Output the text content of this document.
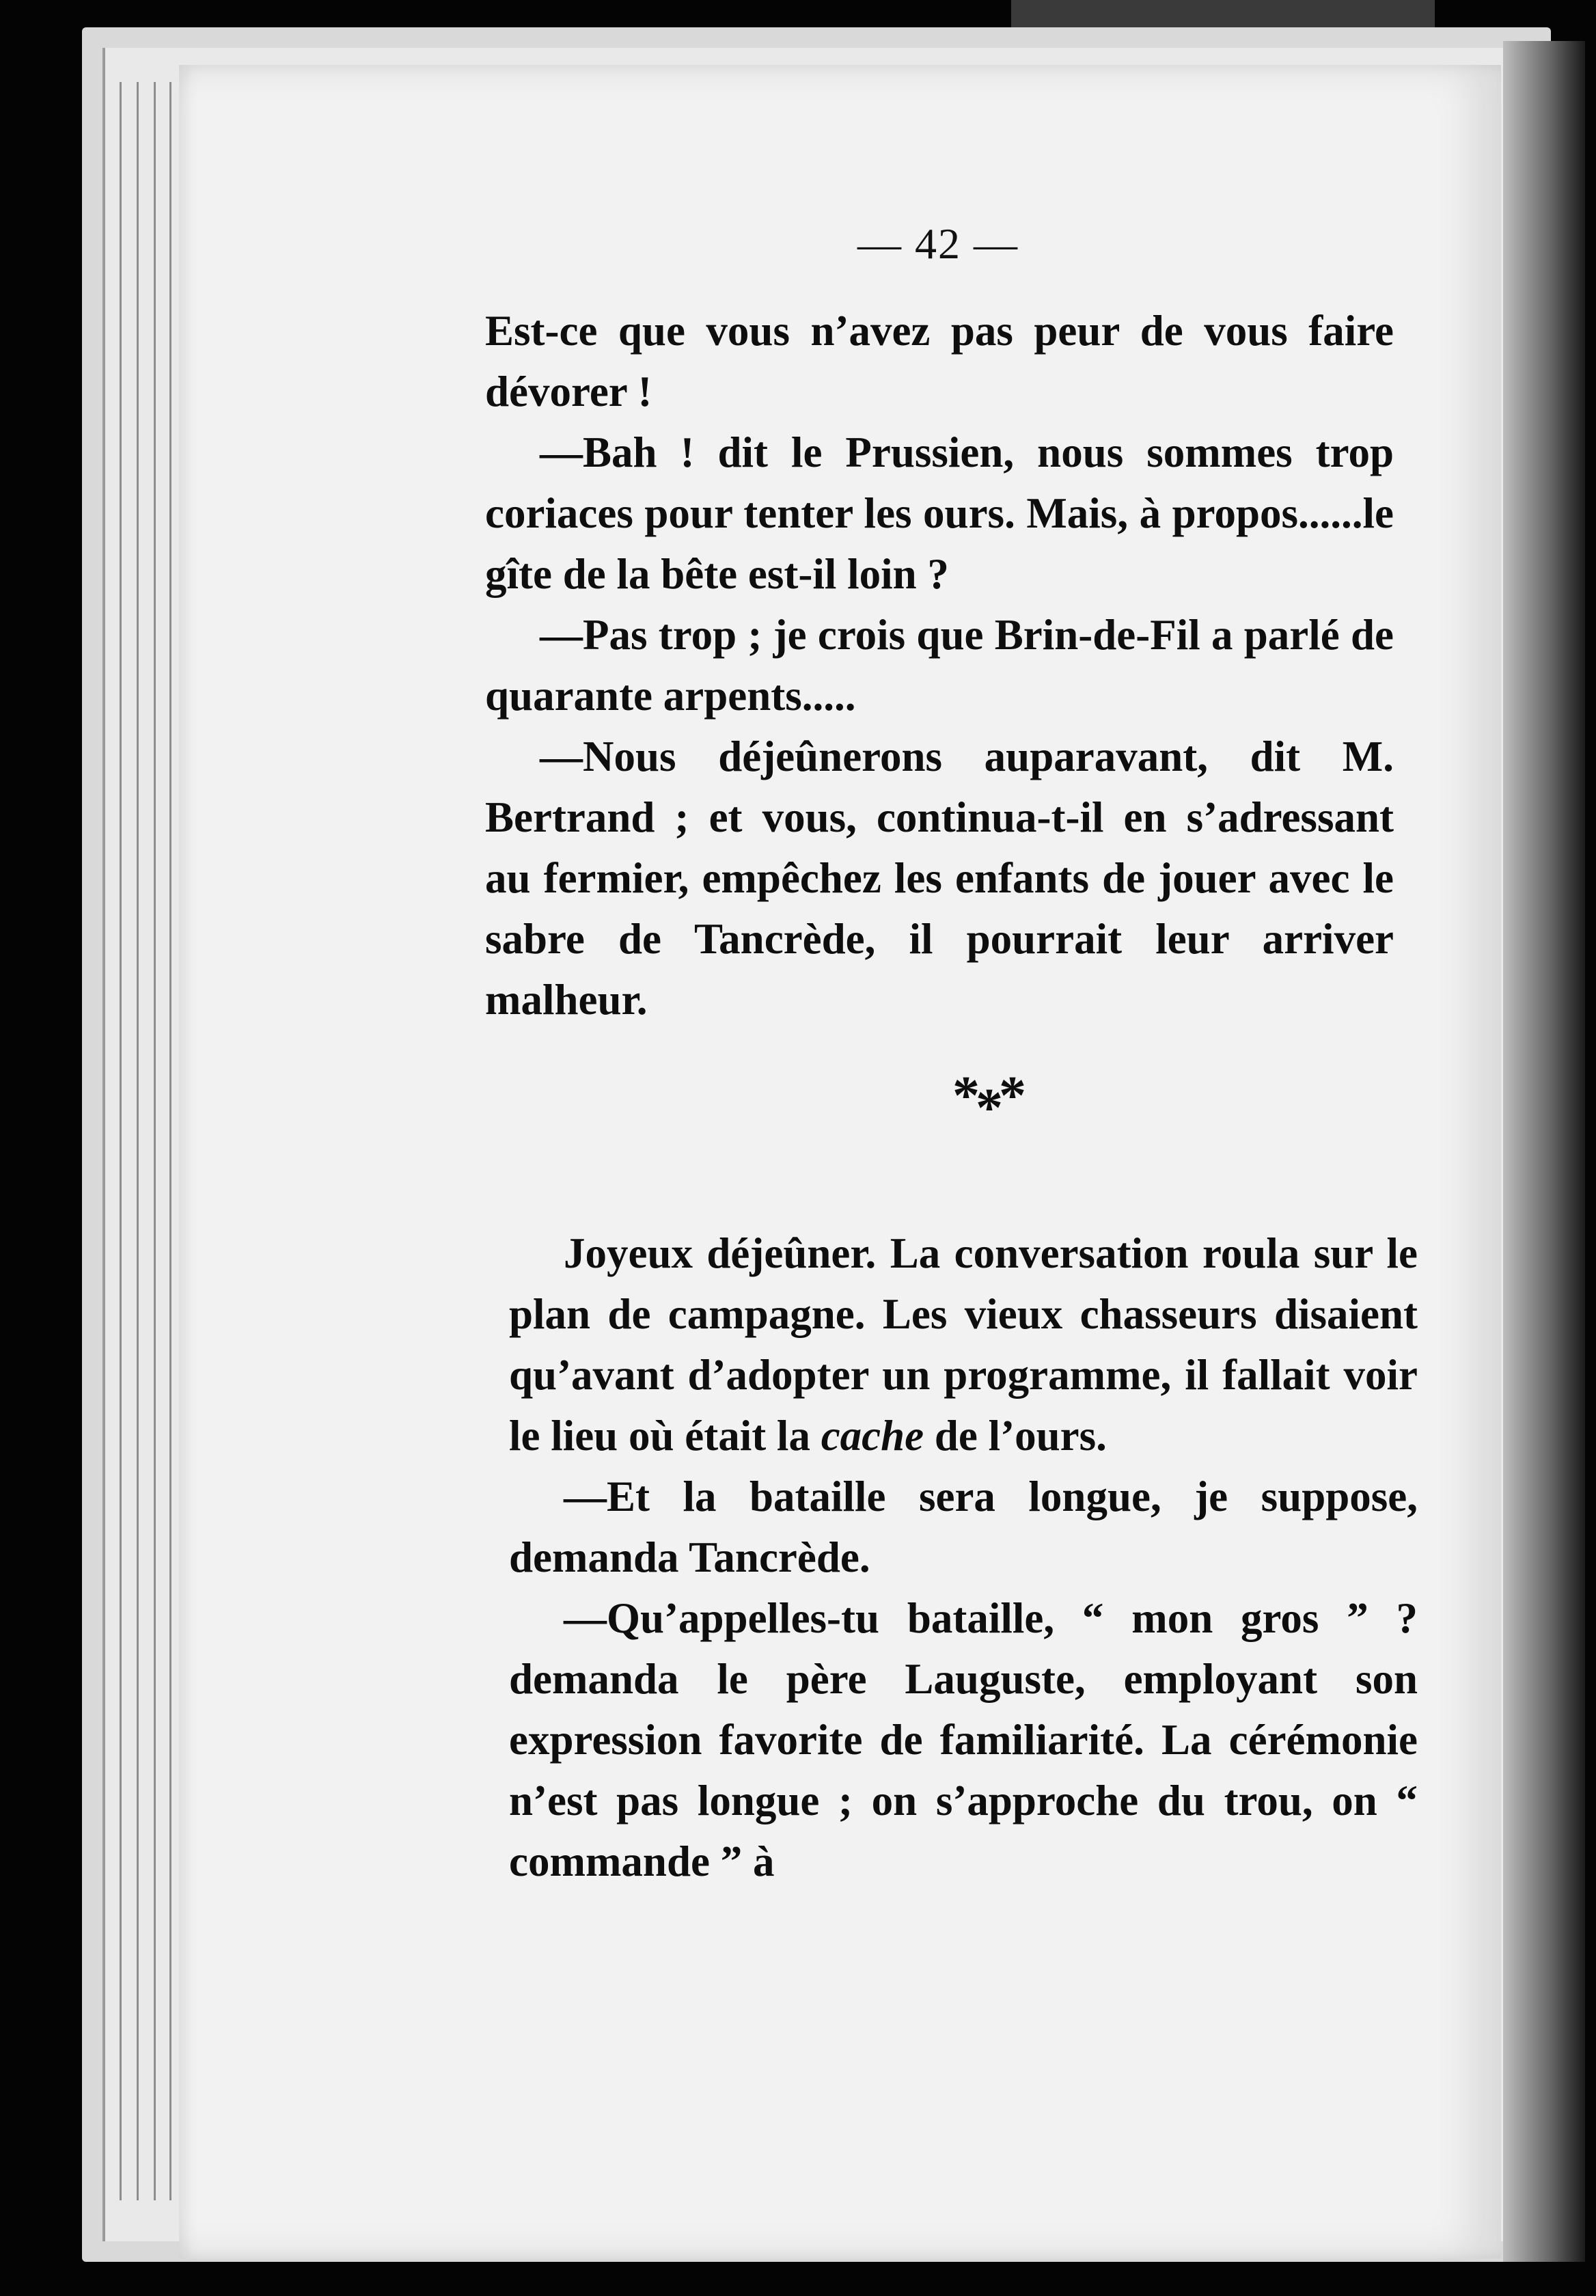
— 42 —

Est-ce que vous n’avez pas peur de vous faire dévorer !

—Bah ! dit le Prussien, nous sommes trop coriaces pour tenter les ours. Mais, à propos......le gîte de la bête est-il loin ?

—Pas trop ; je crois que Brin-de-Fil a parlé de quarante arpents.....

—Nous déjeûnerons auparavant, dit M. Bertrand ; et vous, continua-t-il en s’adressant au fermier, empêchez les enfants de jouer avec le sabre de Tancrède, il pourrait leur arriver malheur.

***

Joyeux déjeûner. La conversation roula sur le plan de campagne. Les vieux chasseurs disaient qu’avant d’adopter un programme, il fallait voir le lieu où était la cache de l’ours.

—Et la bataille sera longue, je suppose, demanda Tancrède.

—Qu’appelles-tu bataille, “ mon gros ” ? demanda le père Lauguste, employant son expression favorite de familiarité. La cérémonie n’est pas longue ; on s’approche du trou, on “ commande ” à
